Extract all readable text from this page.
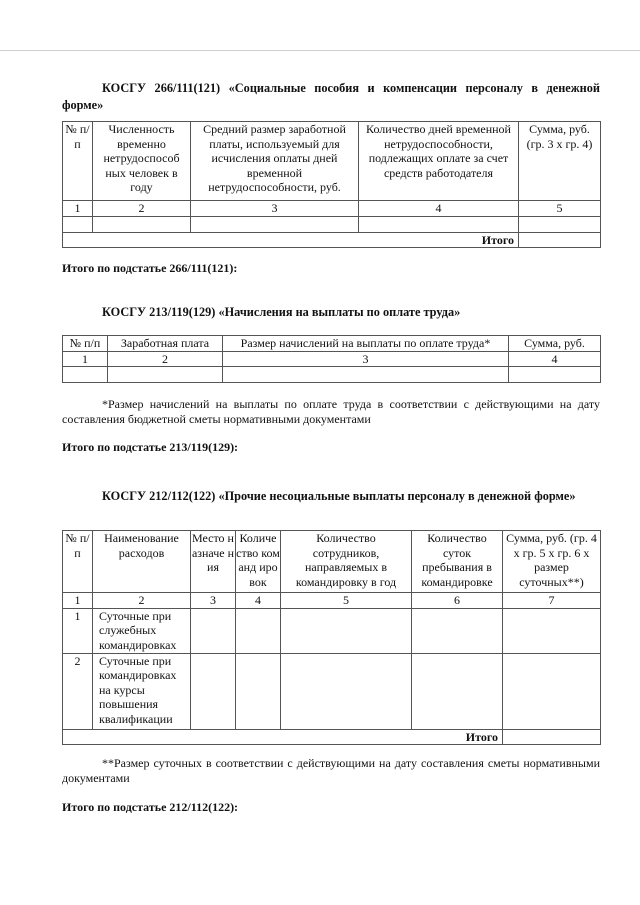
КОСГУ 266/111(121) «Социальные пособия и компенсации персоналу в денежной форме»
№ п/п	Численность временно нетрудоспособ ных человек в году	Средний размер заработной платы, используемый для исчисления оплаты дней временной нетрудоспособности, руб.	Количество дней временной нетрудоспособности, подлежащих оплате за счет средств работодателя	Сумма, руб. (гр. 3 х гр. 4)
1	2	3	4	5

Итого				
Итого по подстатье 266/111(121):
КОСГУ 213/119(129) «Начисления на выплаты по оплате труда»
№ п/п	Заработная плата	Размер начислений на выплаты по оплате труда*	Сумма, руб.
1	2	3	4

*Размер начислений на выплаты по оплате труда в соответствии с действующими на дату составления бюджетной сметы нормативными документами
Итого по подстатье 213/119(129):
КОСГУ 212/112(122) «Прочие несоциальные выплаты персоналу в денежной форме»
№ п/п	Наименование расходов	Место назначе ния	Количе ство команд ировок	Количество сотрудников, направляемых в командировку в год	Количество суток пребывания в командировке	Сумма, руб. (гр. 4 х гр. 5 х гр. 6 х размер суточных**)
1	2	3	4	5	6	7
1	Суточные при служебных командировках					
2	Суточные при командировках на курсы повышения квалификации					
Итого						
**Размер суточных в соответствии с действующими на дату составления сметы нормативными документами
Итого по подстатье 212/112(122):
